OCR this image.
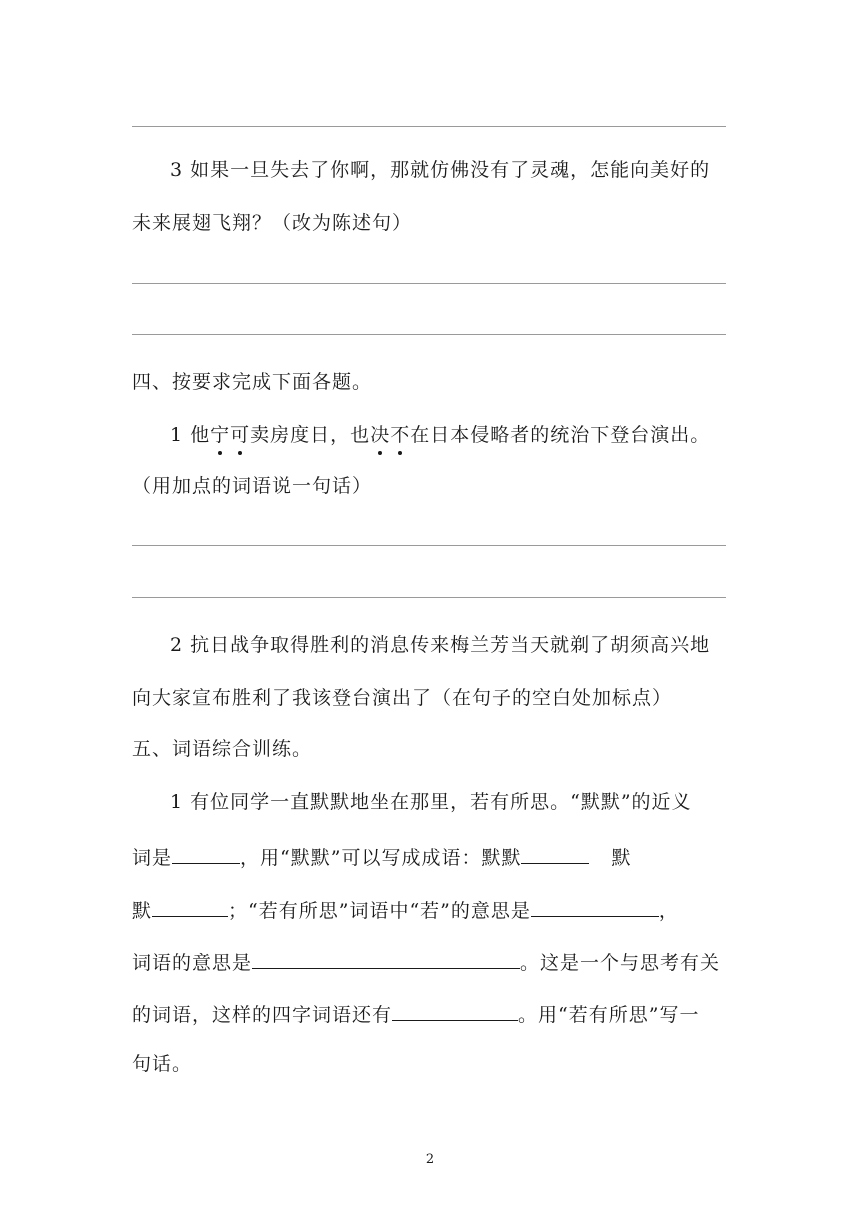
3 如果一旦失去了你啊，那就仿佛没有了灵魂，怎能向美好的
未来展翅飞翔？（改为陈述句）
四、按要求完成下面各题。
1 他宁可卖房度日，也决不在日本侵略者的统治下登台演出。
（用加点的词语说一句话）
2 抗日战争取得胜利的消息传来梅兰芳当天就剃了胡须高兴地
向大家宣布胜利了我该登台演出了（在句子的空白处加标点）
五、词语综合训练。
1 有位同学一直默默地坐在那里，若有所思。“默默”的近义
词是	，用“默默”可以写成成语：默默	默
默	；“若有所思”词语中“若”的意思是	，
词语的意思是	。这是一个与思考有关
的词语，这样的四字词语还有	。用“若有所思”写一
句话。
2
